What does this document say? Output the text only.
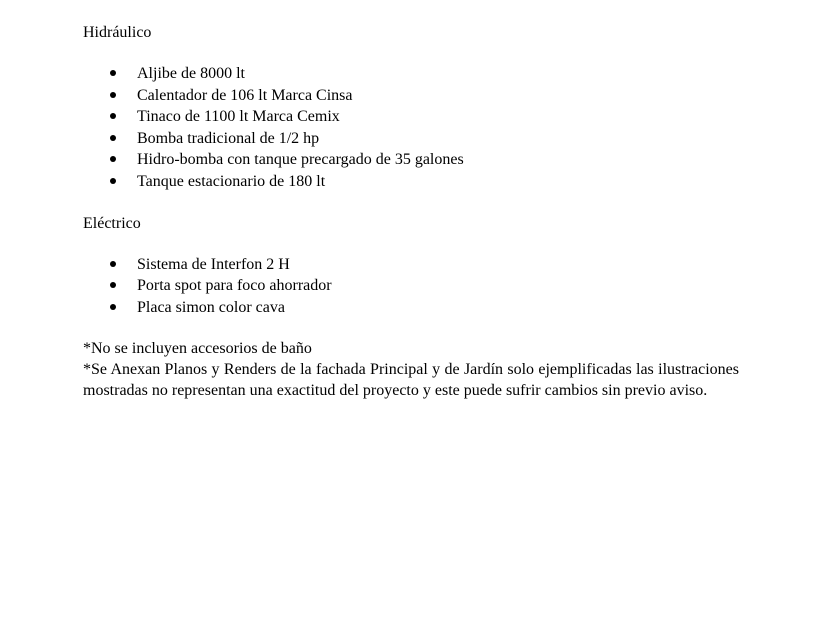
Hidráulico

Aljibe de 8000 lt
Calentador de 106 lt Marca Cinsa
Tinaco de 1100 lt Marca Cemix
Bomba tradicional de 1/2 hp
Hidro-bomba con tanque precargado de 35 galones
Tanque estacionario de 180 lt

Eléctrico

Sistema de Interfon 2 H
Porta spot para foco ahorrador
Placa simon color cava

*No se incluyen accesorios de baño

*Se Anexan Planos y Renders de la fachada Principal y de Jardín solo ejemplificadas las ilustraciones mostradas no representan una exactitud del proyecto y este puede sufrir cambios sin previo aviso.
